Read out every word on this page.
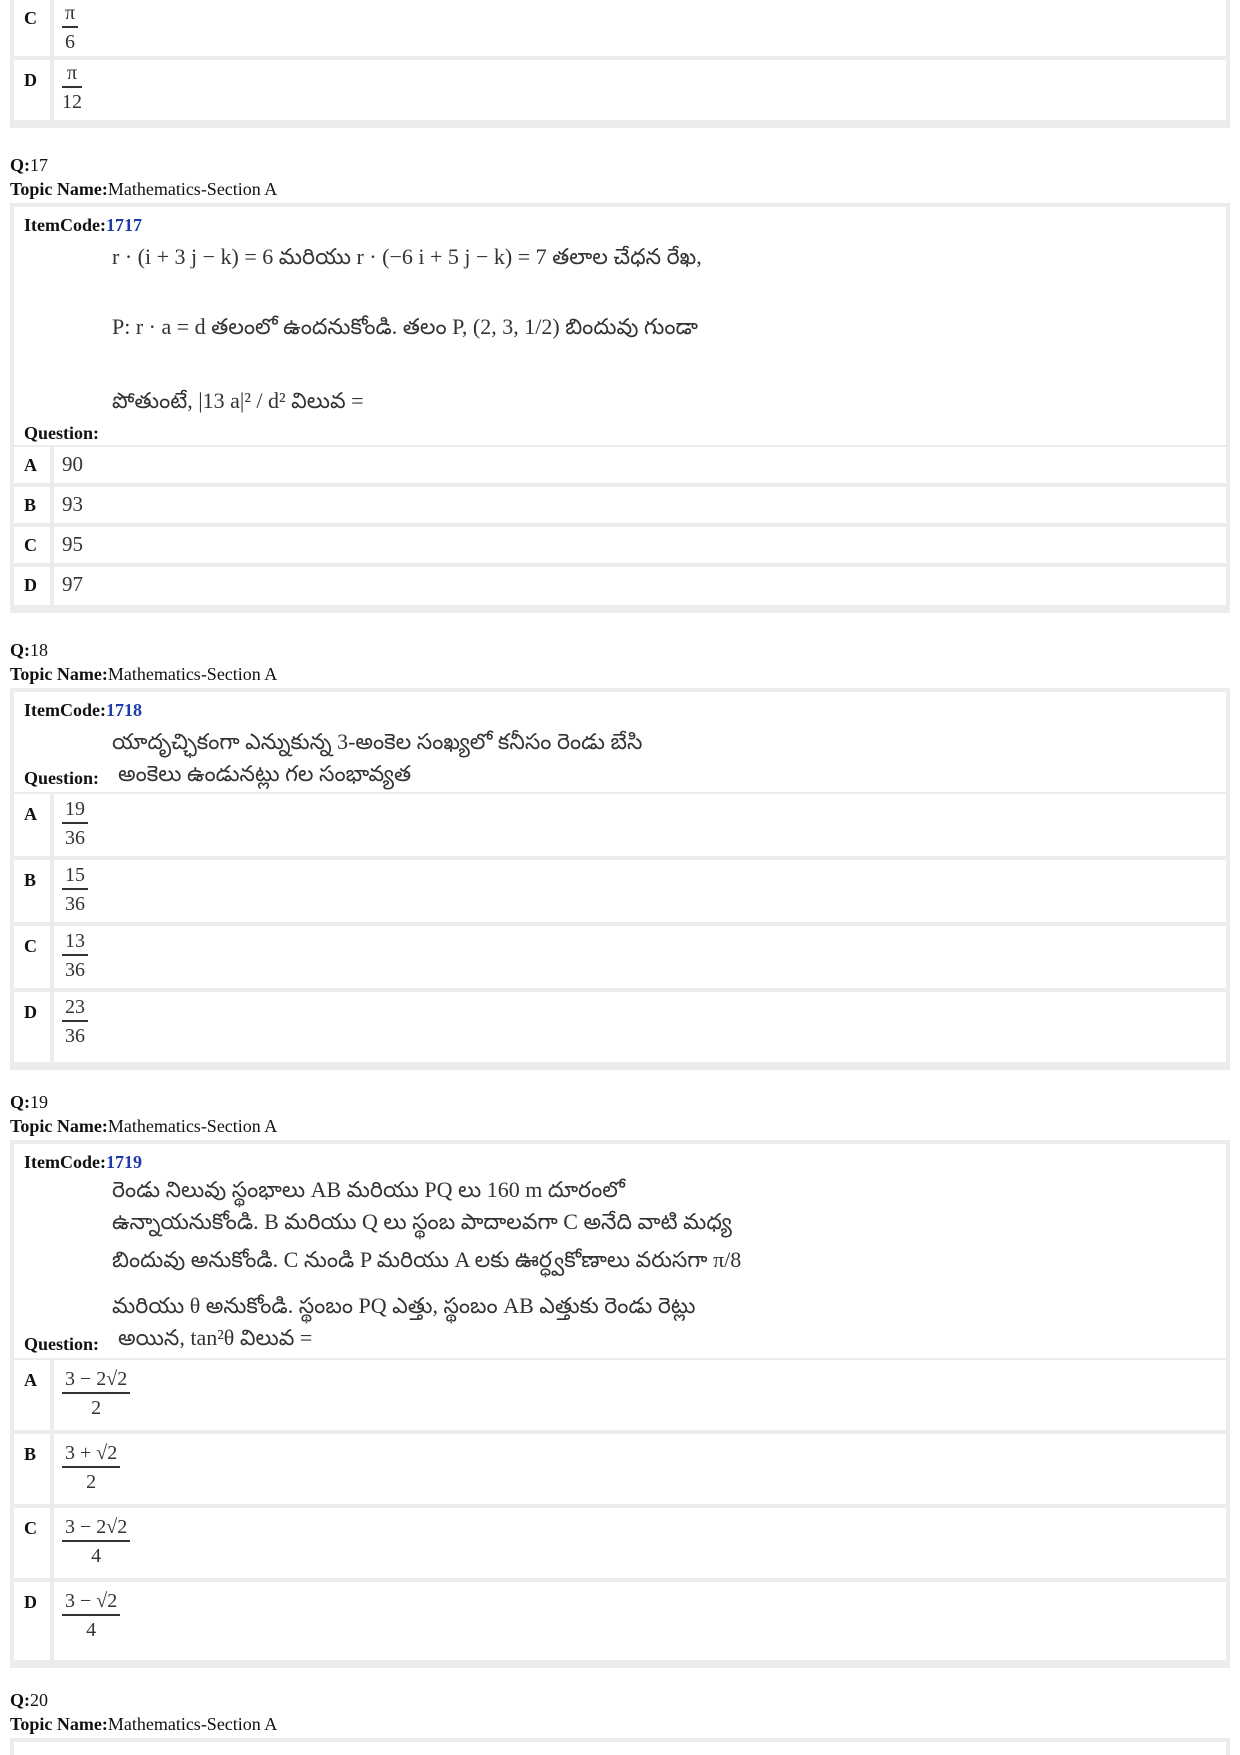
C $\frac{\pi}{6}$
D $\frac{\pi}{12}$
Q:17
Topic Name:Mathematics-Section A
ItemCode:1717
r · (i + 3 j − k) = 6 మరియు r · (−6 i + 5 j − k) = 7 తలాల చేధన రేఖ,
P: r · a = d తలంలో ఉందనుకోండి. తలం P, (2, 3, 1/2) బిందువు గుండా
పోతుంటే, |13 a|² / d² విలువ =
Question:
A 90
B 93
C 95
D 97
Q:18
Topic Name:Mathematics-Section A
ItemCode:1718
యాదృచ్ఛికంగా ఎన్నుకున్న 3-అంకెల సంఖ్యలో కనీసం రెండు బేసి
అంకెలు ఉండునట్లు గల సంభావ్యత
Question:
A $\frac{19}{36}$
B $\frac{15}{36}$
C $\frac{13}{36}$
D $\frac{23}{36}$
Q:19
Topic Name:Mathematics-Section A
ItemCode:1719
రెండు నిలువు స్థంభాలు AB మరియు PQ లు 160 m దూరంలో
ఉన్నాయనుకోండి. B మరియు Q లు స్థంబ పాదాలవగా C అనేది వాటి మధ్య
బిందువు అనుకోండి. C నుండి P మరియు A లకు ఊర్ధ్వకోణాలు వరుసగా π/8
మరియు θ అనుకోండి. స్థంబం PQ ఎత్తు, స్థంబం AB ఎత్తుకు రెండు రెట్లు
అయిన, tan²θ విలువ =
Question:
A $\frac{3 - 2√2}{2}$
B $\frac{3 + √2}{2}$
C $\frac{3 - 2√2}{4}$
D $\frac{3 - √2}{4}$
Q:20
Topic Name:Mathematics-Section A
